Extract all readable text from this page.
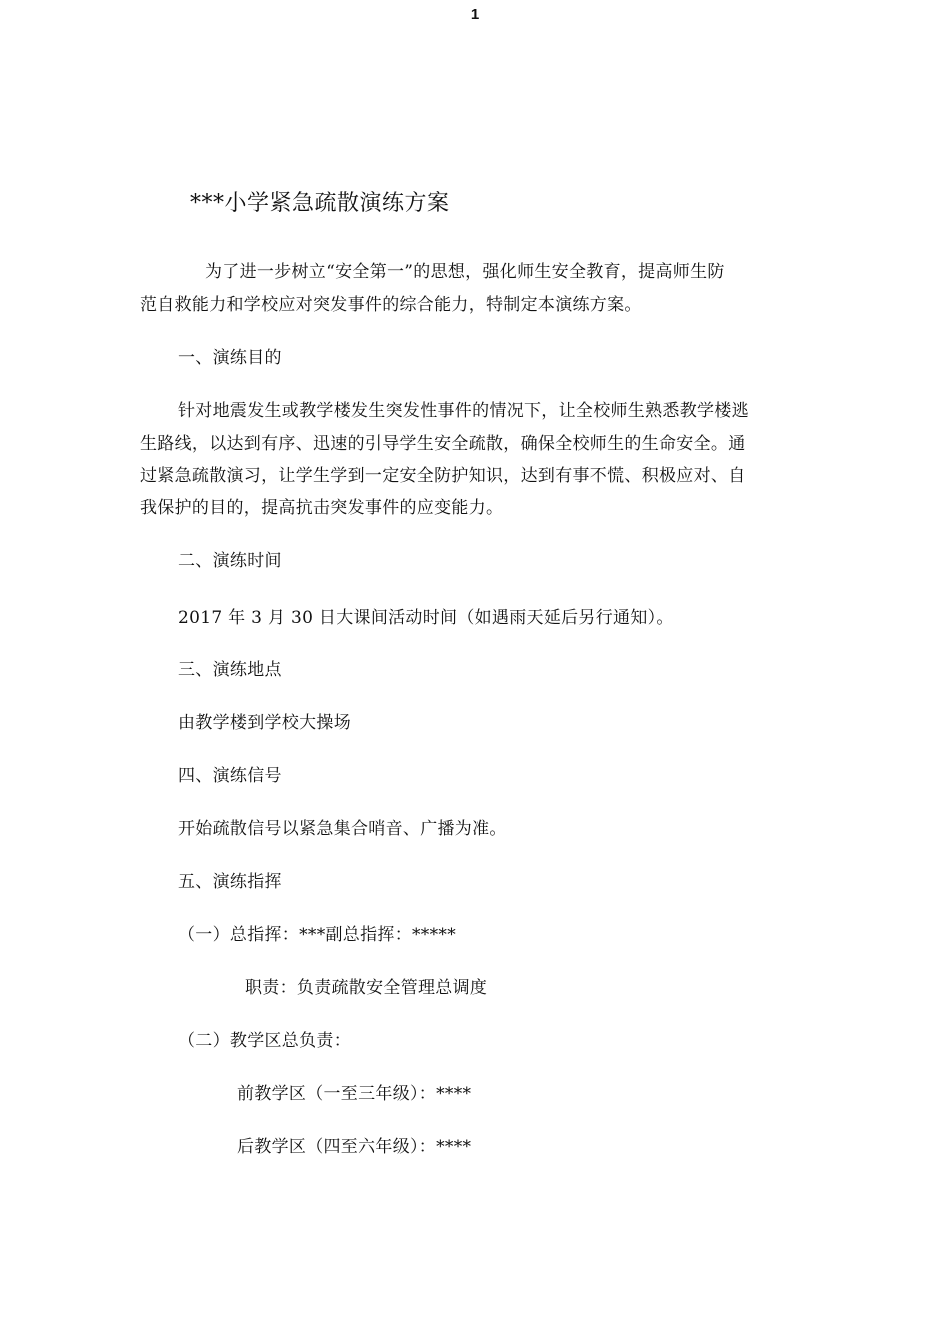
1
***小学紧急疏散演练方案
为了进一步树立“安全第一”的思想，强化师生安全教育，提高师生防
范自救能力和学校应对突发事件的综合能力，特制定本演练方案。
一、演练目的
针对地震发生或教学楼发生突发性事件的情况下，让全校师生熟悉教学楼逃
生路线，以达到有序、迅速的引导学生安全疏散，确保全校师生的生命安全。通
过紧急疏散演习，让学生学到一定安全防护知识，达到有事不慌、积极应对、自
我保护的目的，提高抗击突发事件的应变能力。
二、演练时间
2017 年 3 月 30 日大课间活动时间（如遇雨天延后另行通知）。
三、演练地点
由教学楼到学校大操场
四、演练信号
开始疏散信号以紧急集合哨音、广播为准。
五、演练指挥
（一）总指挥：***副总指挥：*****
职责：负责疏散安全管理总调度
（二）教学区总负责：
前教学区（一至三年级）：****
后教学区（四至六年级）：****
